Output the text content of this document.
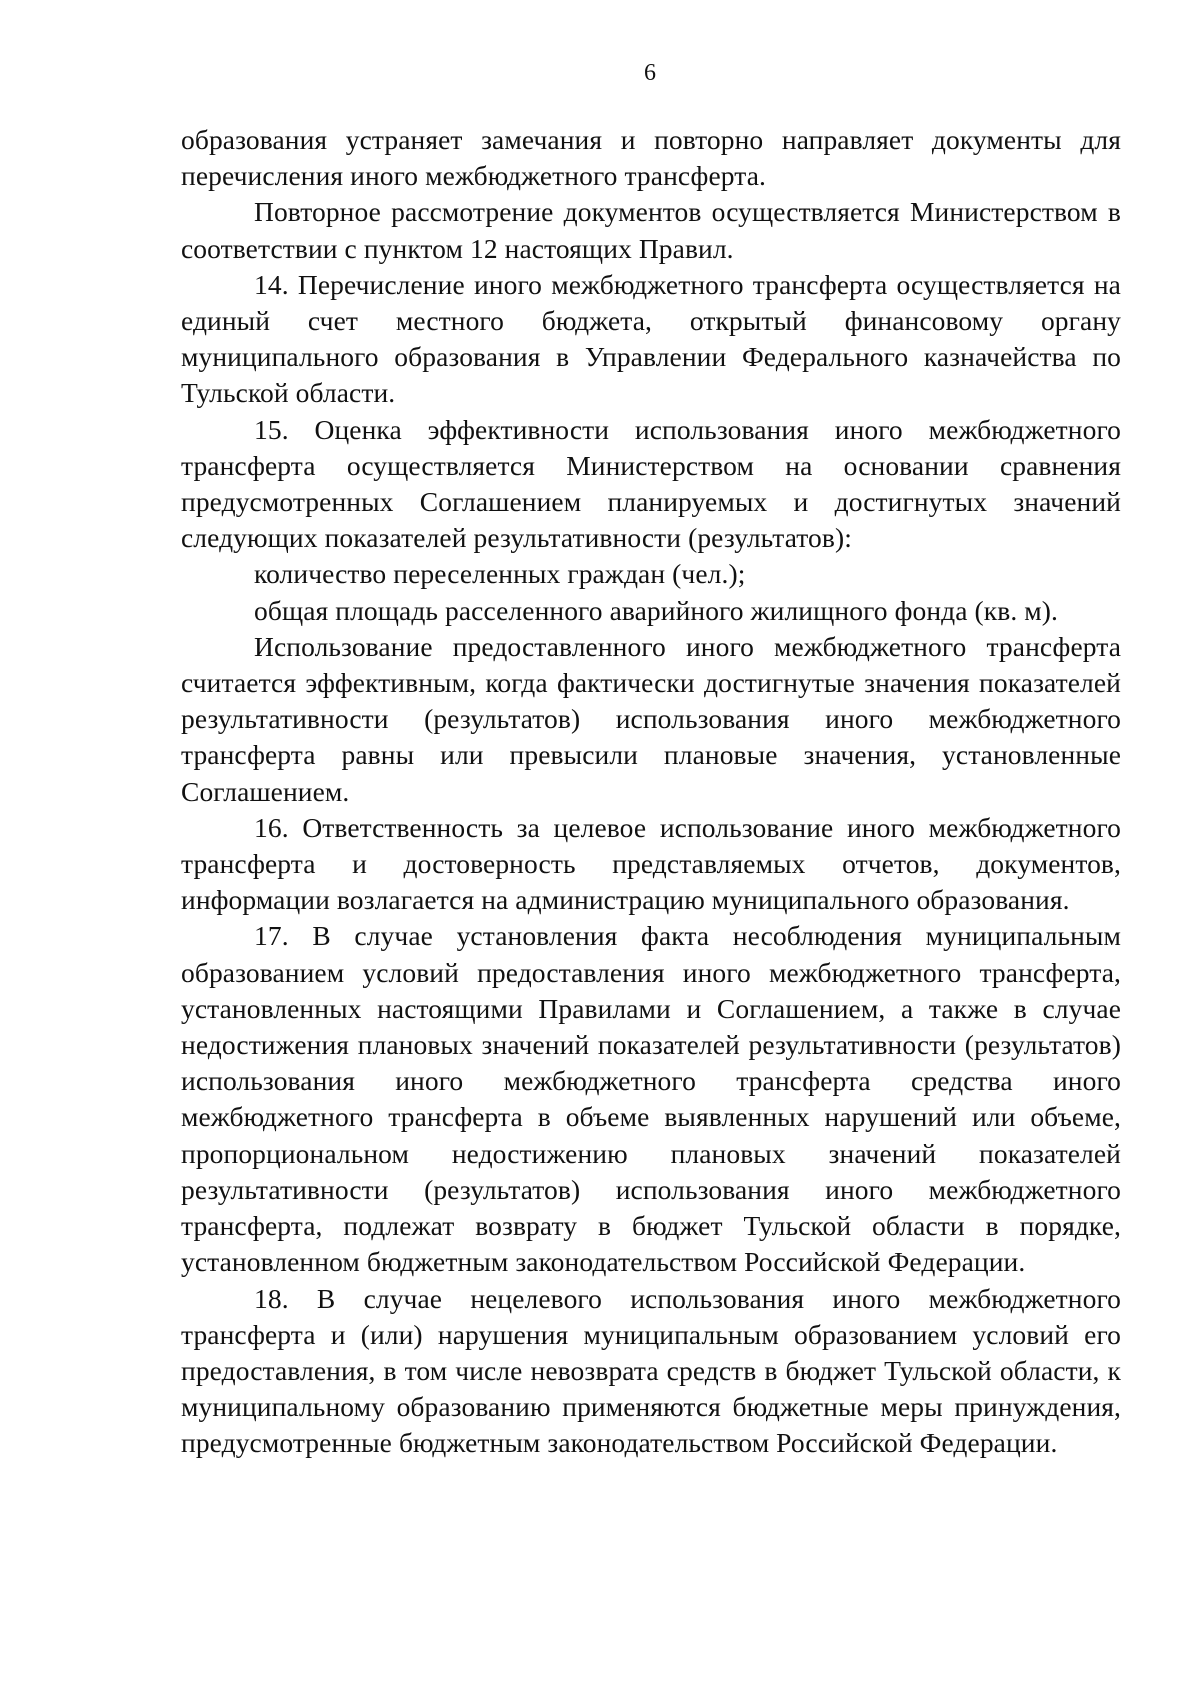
6

образования устраняет замечания и повторно направляет документы для перечисления иного межбюджетного трансферта.

Повторное рассмотрение документов осуществляется Министерством в соответствии с пунктом 12 настоящих Правил.

14. Перечисление иного межбюджетного трансферта осуществляется на единый счет местного бюджета, открытый финансовому органу муниципального образования в Управлении Федерального казначейства по Тульской области.

15. Оценка эффективности использования иного межбюджетного трансферта осуществляется Министерством на основании сравнения предусмотренных Соглашением планируемых и достигнутых значений следующих показателей результативности (результатов):

количество переселенных граждан (чел.);

общая площадь расселенного аварийного жилищного фонда (кв. м).

Использование предоставленного иного межбюджетного трансферта считается эффективным, когда фактически достигнутые значения показателей результативности (результатов) использования иного межбюджетного трансферта равны или превысили плановые значения, установленные Соглашением.

16. Ответственность за целевое использование иного межбюджетного трансферта и достоверность представляемых отчетов, документов, информации возлагается на администрацию муниципального образования.

17. В случае установления факта несоблюдения муниципальным образованием условий предоставления иного межбюджетного трансферта, установленных настоящими Правилами и Соглашением, а также в случае недостижения плановых значений показателей результативности (результатов) использования иного межбюджетного трансферта средства иного межбюджетного трансферта в объеме выявленных нарушений или объеме, пропорциональном недостижению плановых значений показателей результативности (результатов) использования иного межбюджетного трансферта, подлежат возврату в бюджет Тульской области в порядке, установленном бюджетным законодательством Российской Федерации.

18. В случае нецелевого использования иного межбюджетного трансферта и (или) нарушения муниципальным образованием условий его предоставления, в том числе невозврата средств в бюджет Тульской области, к муниципальному образованию применяются бюджетные меры принуждения, предусмотренные бюджетным законодательством Российской Федерации.
